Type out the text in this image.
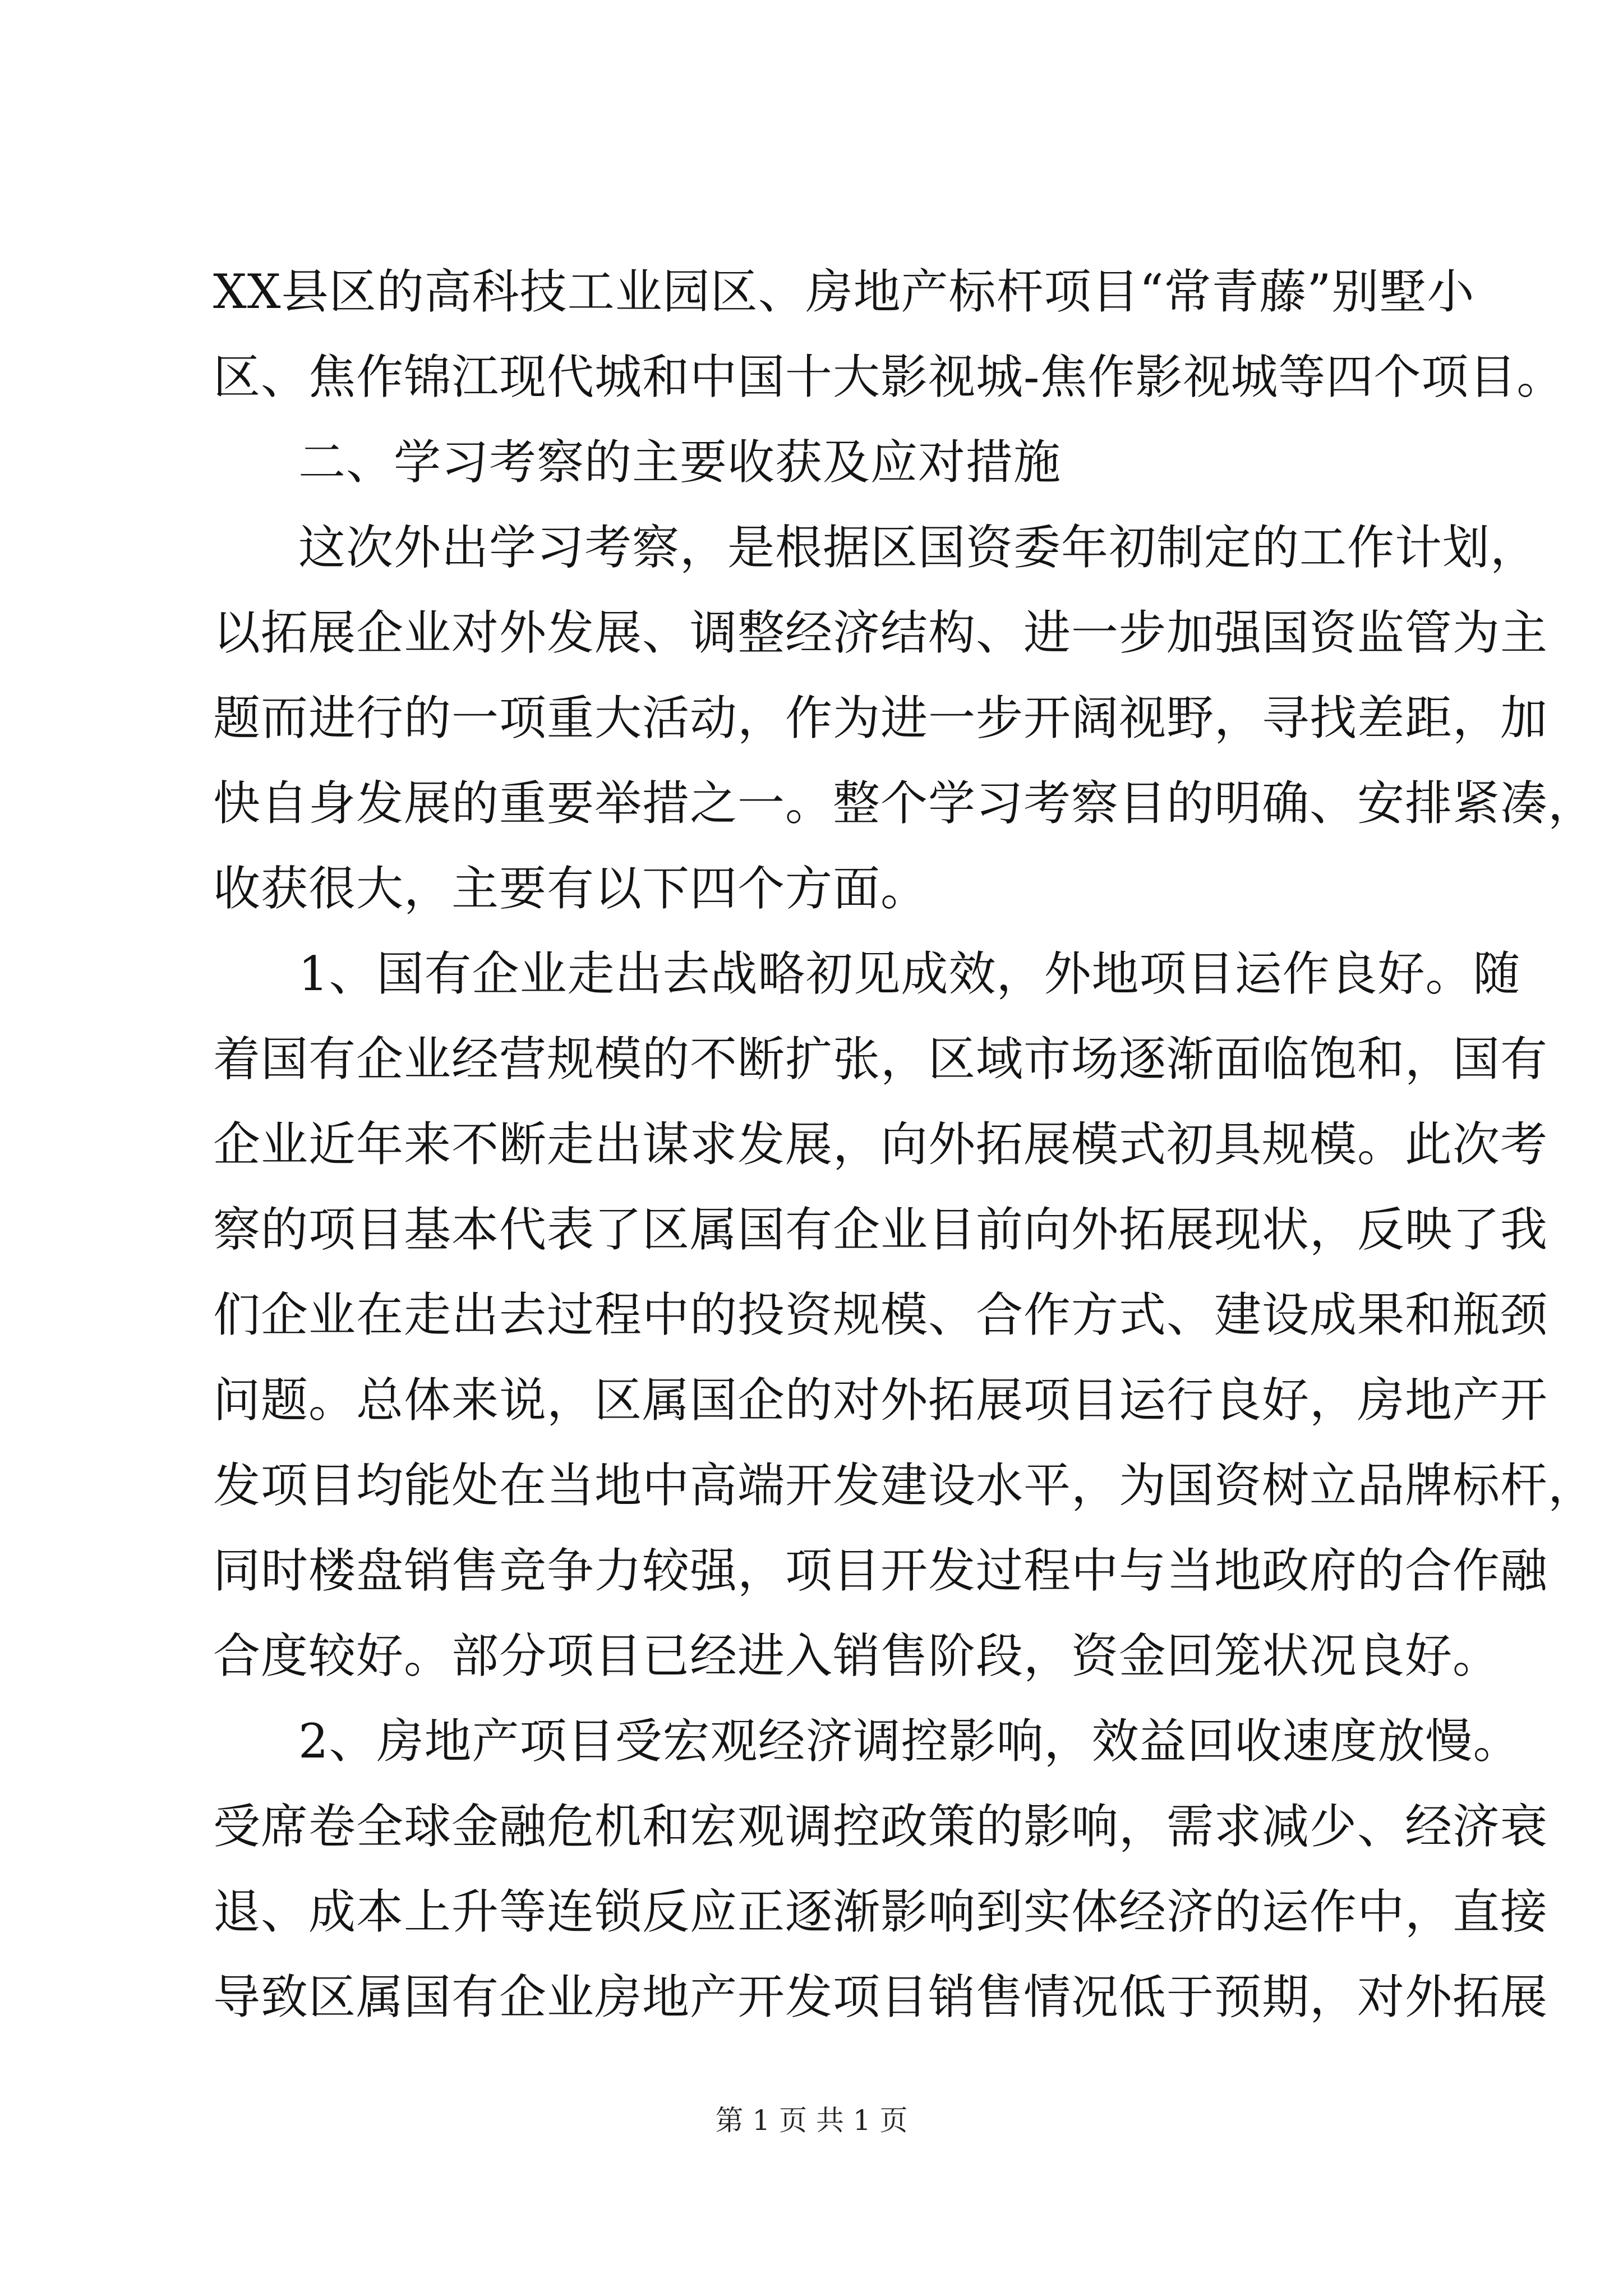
XX县区的高科技工业园区、房地产标杆项目“常青藤”别墅小
区、焦作锦江现代城和中国十大影视城-焦作影视城等四个项目。
二、学习考察的主要收获及应对措施
这次外出学习考察，是根据区国资委年初制定的工作计划，
以拓展企业对外发展、调整经济结构、进一步加强国资监管为主
题而进行的一项重大活动，作为进一步开阔视野，寻找差距，加
快自身发展的重要举措之一。整个学习考察目的明确、安排紧凑，
收获很大，主要有以下四个方面。
1、国有企业走出去战略初见成效，外地项目运作良好。随
着国有企业经营规模的不断扩张，区域市场逐渐面临饱和，国有
企业近年来不断走出谋求发展，向外拓展模式初具规模。此次考
察的项目基本代表了区属国有企业目前向外拓展现状，反映了我
们企业在走出去过程中的投资规模、合作方式、建设成果和瓶颈
问题。总体来说，区属国企的对外拓展项目运行良好，房地产开
发项目均能处在当地中高端开发建设水平，为国资树立品牌标杆，
同时楼盘销售竞争力较强，项目开发过程中与当地政府的合作融
合度较好。部分项目已经进入销售阶段，资金回笼状况良好。
2、房地产项目受宏观经济调控影响，效益回收速度放慢。
受席卷全球金融危机和宏观调控政策的影响，需求减少、经济衰
退、成本上升等连锁反应正逐渐影响到实体经济的运作中，直接
导致区属国有企业房地产开发项目销售情况低于预期，对外拓展
第 1 页 共 1 页
